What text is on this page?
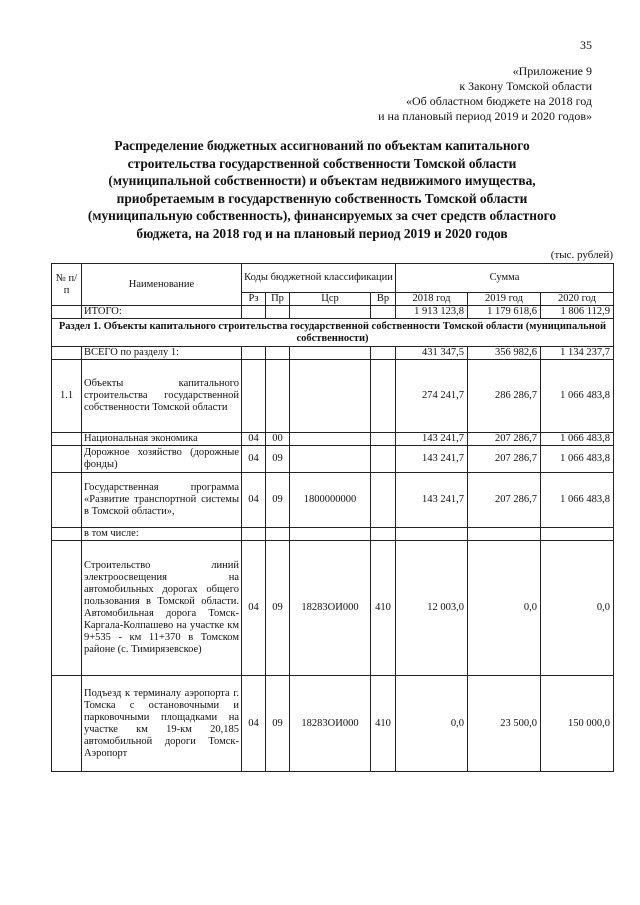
35
«Приложение 9
к Закону Томской области
«Об областном бюджете на 2018 год
и на плановый период 2019 и 2020 годов»
Распределение бюджетных ассигнований по объектам капитального
строительства государственной собственности Томской области
(муниципальной собственности) и объектам недвижимого имущества,
приобретаемым в государственную собственность Томской области
(муниципальную собственность), финансируемых за счет средств областного
бюджета, на 2018 год и на плановый период 2019 и 2020 годов
(тыс. рублей)
№ п/п	Наименование	Коды бюджетной классификации				Сумма		
		Рз	Пр	Цср	Вр	2018 год	2019 год	2020 год
	ИТОГО:					1 913 123,8	1 179 618,6	1 806 112,9
Раздел 1. Объекты капитального строительства государственной собственности Томской области (муниципальной собственности)								
	ВСЕГО по разделу 1:					431 347,5	356 982,6	1 134 237,7
1.1	Объекты капитального строительства государственной собственности Томской области					274 241,7	286 286,7	1 066 483,8
	Национальная экономика	04	00			143 241,7	207 286,7	1 066 483,8
	Дорожное хозяйство (дорожные фонды)	04	09			143 241,7	207 286,7	1 066 483,8
	Государственная программа «Развитие транспортной системы в Томской области»,	04	09	1800000000		143 241,7	207 286,7	1 066 483,8
	в том числе:							
	Строительство линий электроосвещения на автомобильных дорогах общего пользования в Томской области. Автомобильная дорога Томск-Каргала-Колпашево на участке км 9+535 - км 11+370 в Томском районе (с. Тимирязевское)	04	09	18283ОИ000	410	12 003,0	0,0	0,0
	Подъезд к терминалу аэропорта г. Томска с остановочными и парковочными площадками на участке км 19-км 20,185 автомобильной дороги Томск-Аэропорт	04	09	18283ОИ000	410	0,0	23 500,0	150 000,0
